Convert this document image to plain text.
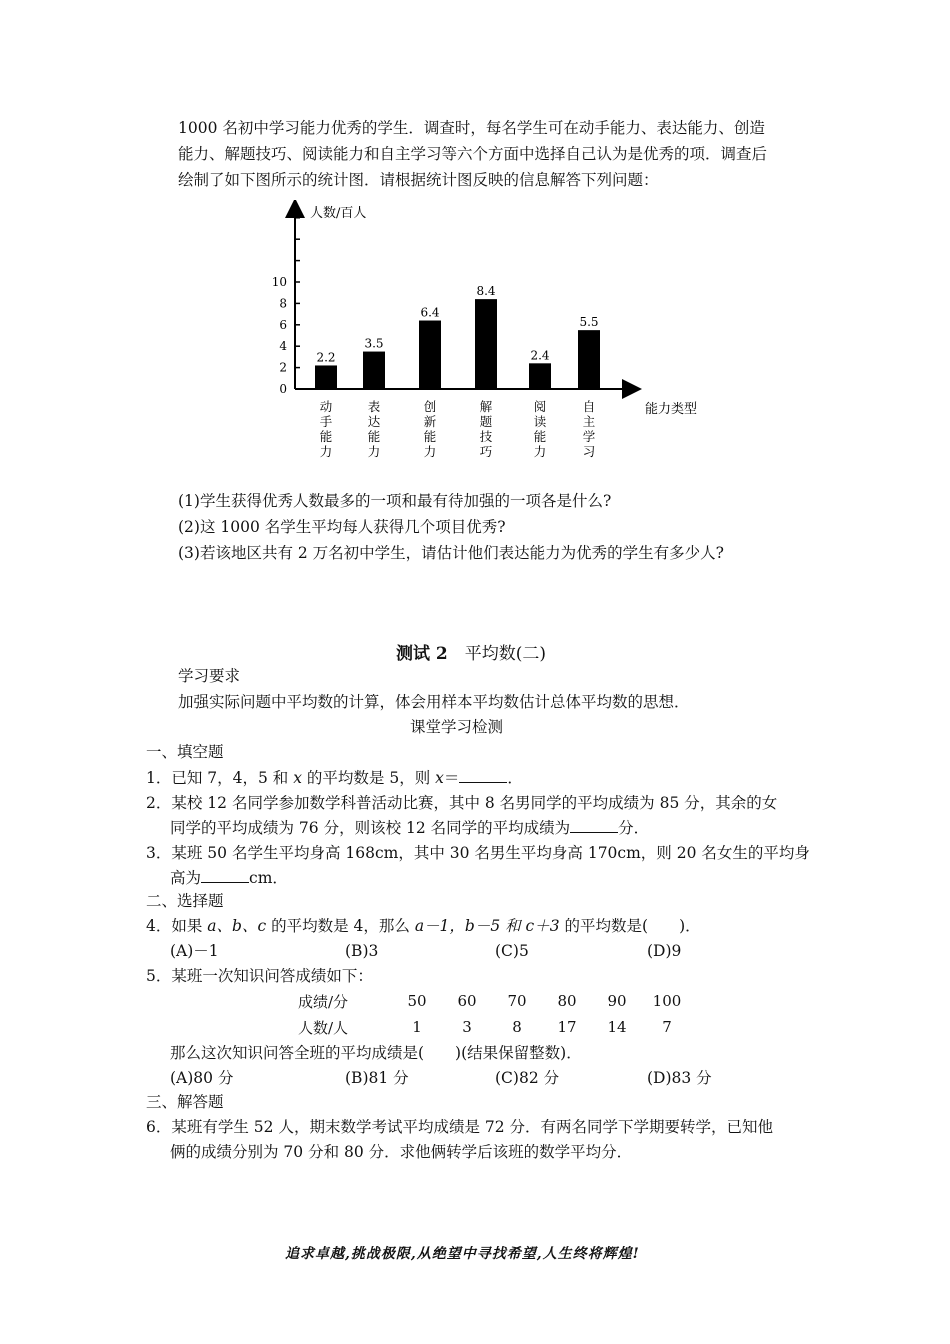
1000 名初中学习能力优秀的学生．调查时，每名学生可在动手能力、表达能力、创造
能力、解题技巧、阅读能力和自主学习等六个方面中选择自己认为是优秀的项．调查后
绘制了如下图所示的统计图．请根据统计图反映的信息解答下列问题：
人数/百人
能力类型
0
2
4
6
8
10
2.2
3.5
6.4
8.4
2.4
5.5
动手能力
表达能力
创新能力
解题技巧
阅读能力
自主学习
(1)学生获得优秀人数最多的一项和最有待加强的一项各是什么?
(2)这 1000 名学生平均每人获得几个项目优秀?
(3)若该地区共有 2 万名初中学生，请估计他们表达能力为优秀的学生有多少人?
测试 2　 平均数(二)
学习要求
加强实际问题中平均数的计算，体会用样本平均数估计总体平均数的思想．
课堂学习检测
一、填空题
1．已知 7，4，5 和 x 的平均数是 5，则 x＝	．
2．某校 12 名同学参加数学科普活动比赛，其中 8 名男同学的平均成绩为 85 分，其余的女
同学的平均成绩为 76 分，则该校 12 名同学的平均成绩为	分．
3．某班 50 名学生平均身高 168cm，其中 30 名男生平均身高 170cm，则 20 名女生的平均身
高为	cm．
二、选择题
4．如果 a、b、c 的平均数是 4，那么 a－1，b－5 和 c＋3 的平均数是(　　)．
(A)－1	(B)3	(C)5	(D)9
5．某班一次知识问答成绩如下：
成绩/分	50	60	70	80	90	100
人数/人	1	3	8	17	14	7
那么这次知识问答全班的平均成绩是(　　)(结果保留整数)．
(A)80 分	(B)81 分	(C)82 分	(D)83 分
三、解答题
6．某班有学生 52 人，期末数学考试平均成绩是 72 分．有两名同学下学期要转学，已知他
俩的成绩分别为 70 分和 80 分．求他俩转学后该班的数学平均分．
追求卓越,挑战极限,从绝望中寻找希望,人生终将辉煌!
